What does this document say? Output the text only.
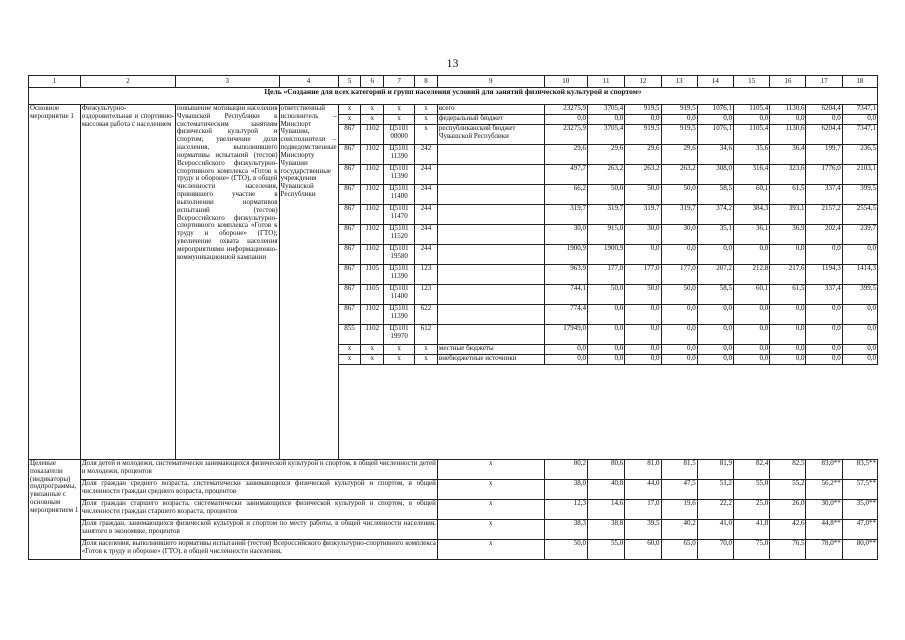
13
1	2	3	4	5	6	7	8	9	10	11	12	13	14	15	16	17	18
Цель «Создание для всех категорий и групп населения условий для занятий физической культурой и спортом»																	
Основное мероприятие 1	Физкультурно-оздоровительная и спортивно-массовая работа с населением	повышение мотивации населения Чувашской Республики к систематическим занятиям физической культурой и спортом; увеличение доли населения, выполнившего нормативы испытаний (тестов) Всероссийского физкультурно-спортивного комплекса «Готов к труду и обороне» (ГТО), в общей численности населения, принявшего участие в выполнении нормативов испытаний (тестов) Всероссийского физкультурно-спортивного комплекса «Готов к труду и обороне» (ГТО); увеличение охвата населения мероприятиями информационно-коммуникационной кампании	ответственный исполнитель – Минспорт Чувашии, соисполнители – подведомственные Минспорту Чувашии государственные учреждения Чувашской Республики	x	x	x	x	всего	23275,9	3705,4	919,5	919,5	1076,1	1105,4	1130,6	6204,4	7347,1
				x	x	x	x	федеральный бюджет	0,0	0,0	0,0	0,0	0,0	0,0	0,0	0,0	0,0
				867	1102	Ц5101 00000	x	республиканский бюджет Чувашской Республики	23275,9	3705,4	919,5	919,5	1076,1	1105,4	1130,6	6204,4	7347,1
				867	1102	Ц5101 11390	242		29,6	29,6	29,6	29,6	34,6	35,6	36,4	199,7	236,5
				867	1102	Ц5101 11390	244		497,7	263,2	263,2	263,2	308,0	316,4	323,6	1776,0	2103,1
				867	1102	Ц5101 11400	244		66,2	50,0	50,0	50,0	58,5	60,1	61,5	337,4	399,5
				867	1102	Ц5101 11470	244		319,7	319,7	319,7	319,7	374,2	384,3	393,1	2157,2	2554,5
				867	1102	Ц5101 11520	244		30,0	915,0	30,0	30,0	35,1	36,1	36,9	202,4	239,7
				867	1102	Ц5101 19580	244		1900,9	1900,9	0,0	0,0	0,0	0,0	0,0	0,0	0,0
				867	1105	Ц5101 11390	123		963,9	177,0	177,0	177,0	207,2	212,8	217,6	1194,3	1414,3
				867	1105	Ц5101 11400	123		744,1	50,0	50,0	50,0	58,5	60,1	61,5	337,4	399,5
				867	1102	Ц5101 11390	622		774,4	0,0	0,0	0,0	0,0	0,0	0,0	0,0	0,0
				855	1102	Ц5101 19970	612		17949,0	0,0	0,0	0,0	0,0	0,0	0,0	0,0	0,0
				x	x	x	x	местные бюджеты	0,0	0,0	0,0	0,0	0,0	0,0	0,0	0,0	0,0
				x	x	x	x	внебюджетные источники	0,0	0,0	0,0	0,0	0,0	0,0	0,0	0,0	0,0

Целевые показатели (индикаторы) подпрограммы, увязанные с основным мероприятием 1	Доля детей и молодежи, систематически занимающихся физической культурой и спортом, в общей численности детей и молодежи, процентов							x	80,2	80,6	81,0	81,5	81,9	82,4	82,5	83,0**	83,5**
	Доля граждан среднего возраста, систематически занимающихся физической культурой и спортом, в общей численности граждан среднего возраста, процентов							x	38,0	40,8	44,0	47,5	51,2	55,0	55,2	56,2**	57,5**
	Доля граждан старшего возраста, систематически занимающихся физической культурой и спортом, в общей численности граждан старшего возраста, процентов							x	12,3	14,6	17,0	19,6	22,2	25,0	26,0	30,0**	35,0**
	Доля граждан, занимающихся физической культурой и спортом по месту работы, в общей численности населения, занятого в экономике, процентов							x	38,3	38,8	39,5	40,2	41,0	41,8	42,6	44,8**	47,0**
	Доля населения, выполнившего нормативы испытаний (тестов) Всероссийского физкультурно-спортивного комплекса «Готов к труду и обороне» (ГТО), в общей численности населения,							x	50,0	55,0	60,0	65,0	70,0	75,0	76,5	78,0**	80,0**
